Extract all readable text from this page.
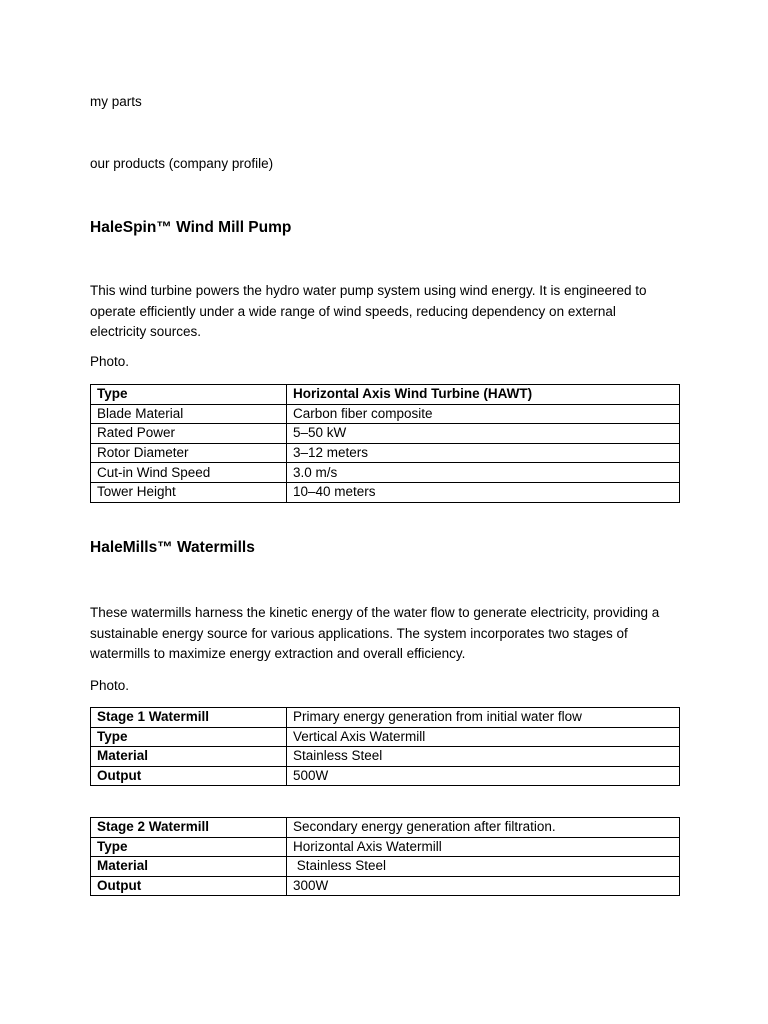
my parts
our products (company profile)
HaleSpin™ Wind Mill Pump
This wind turbine powers the hydro water pump system using wind energy. It is engineered to
operate efficiently under a wide range of wind speeds, reducing dependency on external
electricity sources.
Photo.
Type	Horizontal Axis Wind Turbine (HAWT)
Blade Material	Carbon fiber composite
Rated Power	5–50 kW
Rotor Diameter	3–12 meters
Cut-in Wind Speed	3.0 m/s
Tower Height	10–40 meters
HaleMills™ Watermills
These watermills harness the kinetic energy of the water flow to generate electricity, providing a
sustainable energy source for various applications. The system incorporates two stages of
watermills to maximize energy extraction and overall efficiency.
Photo.
Stage 1 Watermill	Primary energy generation from initial water flow
Type	Vertical Axis Watermill
Material	Stainless Steel
Output	500W
Stage 2 Watermill	Secondary energy generation after filtration.
Type	Horizontal Axis Watermill
Material	Stainless Steel
Output	300W
